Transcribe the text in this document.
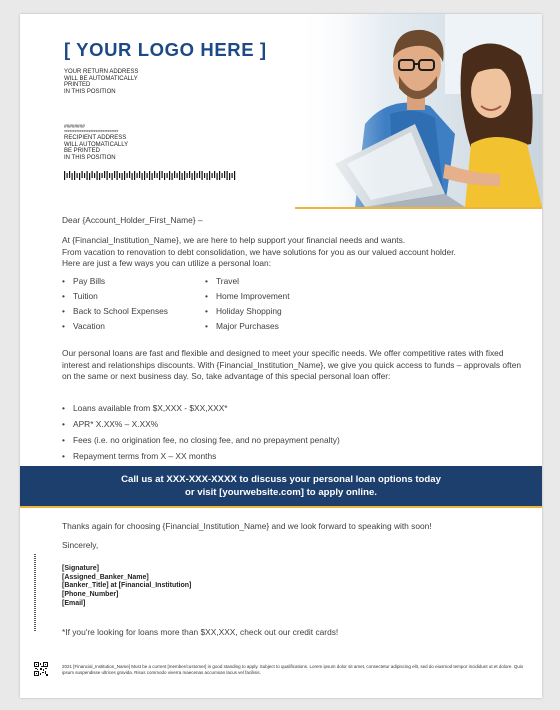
[ YOUR LOGO HERE ]
YOUR RETURN ADDRESS
WILL BE AUTOMATICALLY
PRINTED
IN THIS POSITION
########
*******************************
RECIPIENT ADDRESS
WILL AUTOMATICALLY
BE PRINTED
IN THIS POSITION
Dear {Account_Holder_First_Name} –

At {Financial_Institution_Name}, we are here to help support your financial needs and wants.

From vacation to renovation to debt consolidation, we have solutions for you as our valued account holder.

Here are just a few ways you can utilize a personal loan:

• Pay Bills
• Tuition
• Back to School Expenses
• Vacation
• Travel
• Home Improvement
• Holiday Shopping
• Major Purchases
Our personal loans are fast and flexible and designed to meet your specific needs. We offer competitive rates with fixed interest and relationships discounts. With {Financial_Institution_Name}, we give you quick access to funds – approvals often on the same or next business day. So, take advantage of this special personal loan offer:
• Loans available from $X,XXX - $XX,XXX*
• APR* X.XX% – X.XX%
• Fees (i.e. no origination fee, no closing fee, and no prepayment penalty)
• Repayment terms from X – XX months
Call us at XXX-XXX-XXXX to discuss your personal loan options today
or visit [yourwebsite.com] to apply online.
Thanks again for choosing {Financial_Institution_Name} and we look forward to speaking with soon!
Sincerely,
[Signature]
[Assigned_Banker_Name]
[Banker_Title] at [Financial_Institution]
[Phone_Number]
[Email]
*If you're looking for loans more than $XX,XXX, check out our credit cards!
2021 [Financial_Institution_Name] Must be a current [member/customer] in good standing to apply. Subject to qualifications. Lorem ipsum dolor sit amet, consectetur adipiscing elit, sed do eiusmod tempor incididunt ut et dolore. Quis ipsum suspendisse ultrices gravida. Risus commodo viverra maecenas accumsan lacus vel facilisis.
